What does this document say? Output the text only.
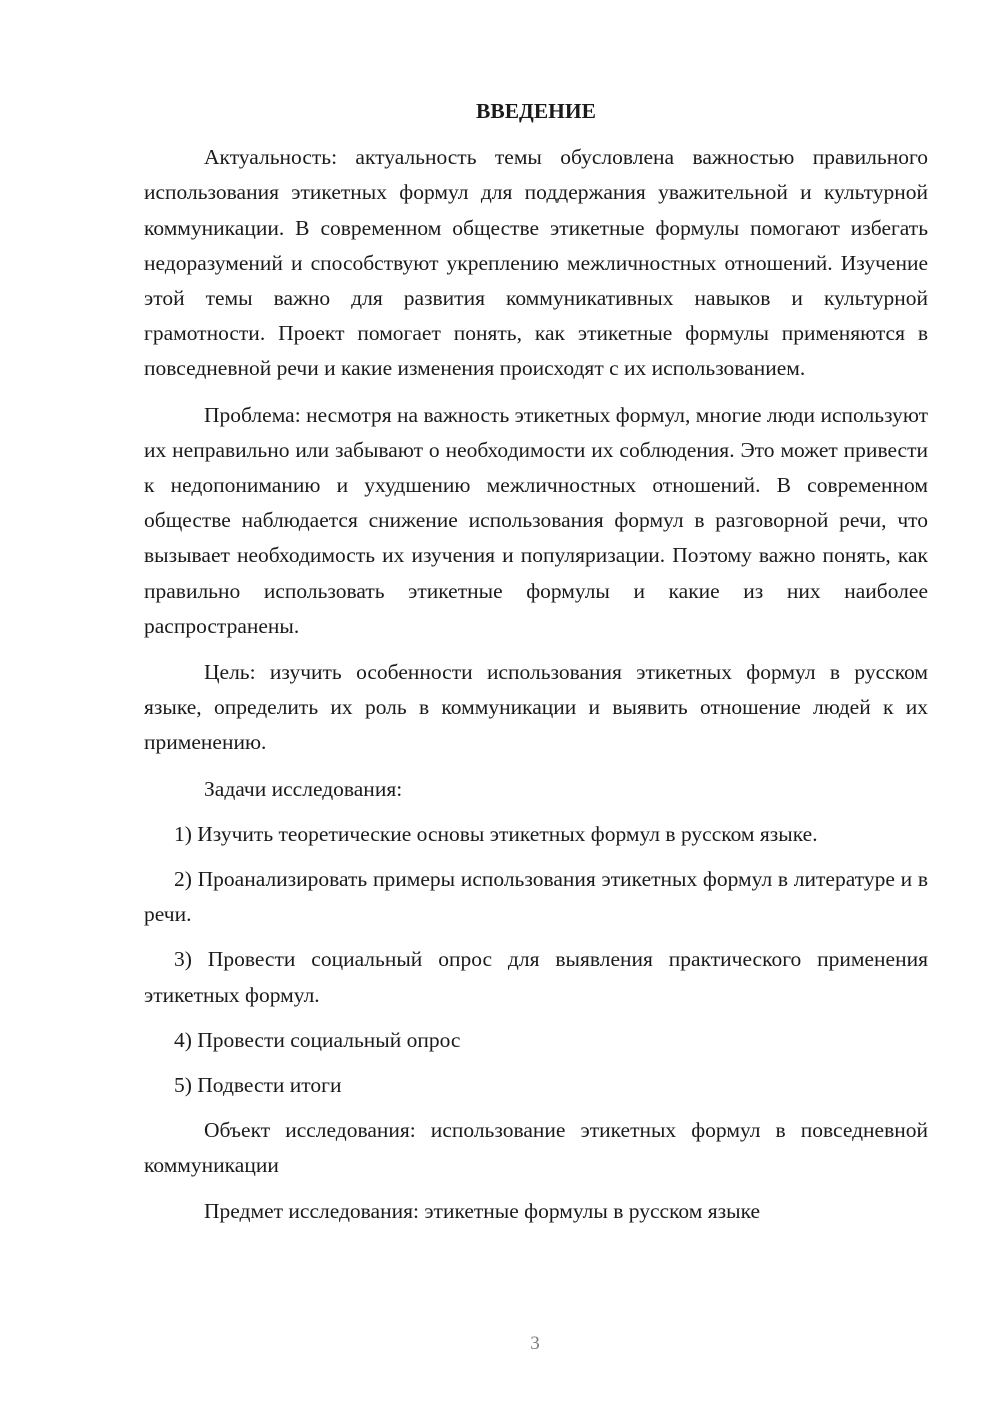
ВВЕДЕНИЕ

Актуальность: актуальность темы обусловлена важностью правильного использования этикетных формул для поддержания уважительной и культурной коммуникации. В современном обществе этикетные формулы помогают избегать недоразумений и способствуют укреплению межличностных отношений. Изучение этой темы важно для развития коммуникативных навыков и культурной грамотности. Проект помогает понять, как этикетные формулы применяются в повседневной речи и какие изменения происходят с их использованием.

Проблема: несмотря на важность этикетных формул, многие люди используют их неправильно или забывают о необходимости их соблюдения. Это может привести к недопониманию и ухудшению межличностных отношений. В современном обществе наблюдается снижение использования формул в разговорной речи, что вызывает необходимость их изучения и популяризации. Поэтому важно понять, как правильно использовать этикетные формулы и какие из них наиболее распространены.

Цель: изучить особенности использования этикетных формул в русском языке, определить их роль в коммуникации и выявить отношение людей к их применению.

Задачи исследования:

1) Изучить теоретические основы этикетных формул в русском языке.

2) Проанализировать примеры использования этикетных формул в литературе и в речи.

3) Провести социальный опрос для выявления практического применения этикетных формул.

4) Провести социальный опрос

5) Подвести итоги

Объект исследования: использование этикетных формул в повседневной коммуникации

Предмет исследования: этикетные формулы в русском языке

3
